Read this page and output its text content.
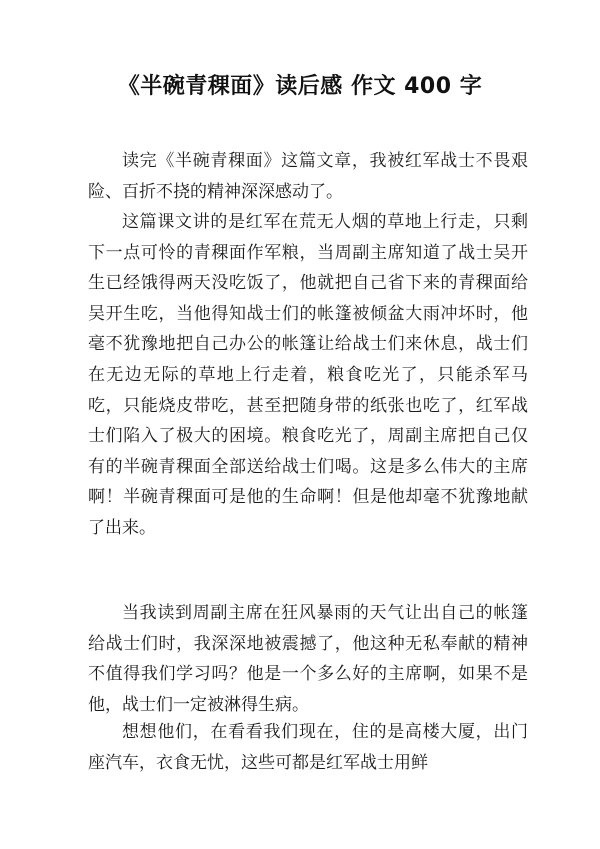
《半碗青稞面》读后感 作文 400 字

读完《半碗青稞面》这篇文章，我被红军战士不畏艰险、百折不挠的精神深深感动了。

这篇课文讲的是红军在荒无人烟的草地上行走，只剩下一点可怜的青稞面作军粮，当周副主席知道了战士吴开生已经饿得两天没吃饭了，他就把自己省下来的青稞面给吴开生吃，当他得知战士们的帐篷被倾盆大雨冲坏时，他毫不犹豫地把自己办公的帐篷让给战士们来休息，战士们在无边无际的草地上行走着，粮食吃光了，只能杀军马吃，只能烧皮带吃，甚至把随身带的纸张也吃了，红军战士们陷入了极大的困境。粮食吃光了，周副主席把自己仅有的半碗青稞面全部送给战士们喝。这是多么伟大的主席啊！半碗青稞面可是他的生命啊！但是他却毫不犹豫地献了出来。

当我读到周副主席在狂风暴雨的天气让出自己的帐篷给战士们时，我深深地被震撼了，他这种无私奉献的精神不值得我们学习吗？他是一个多么好的主席啊，如果不是他，战士们一定被淋得生病。

想想他们，在看看我们现在，住的是高楼大厦，出门座汽车，衣食无忧，这些可都是红军战士用鲜
